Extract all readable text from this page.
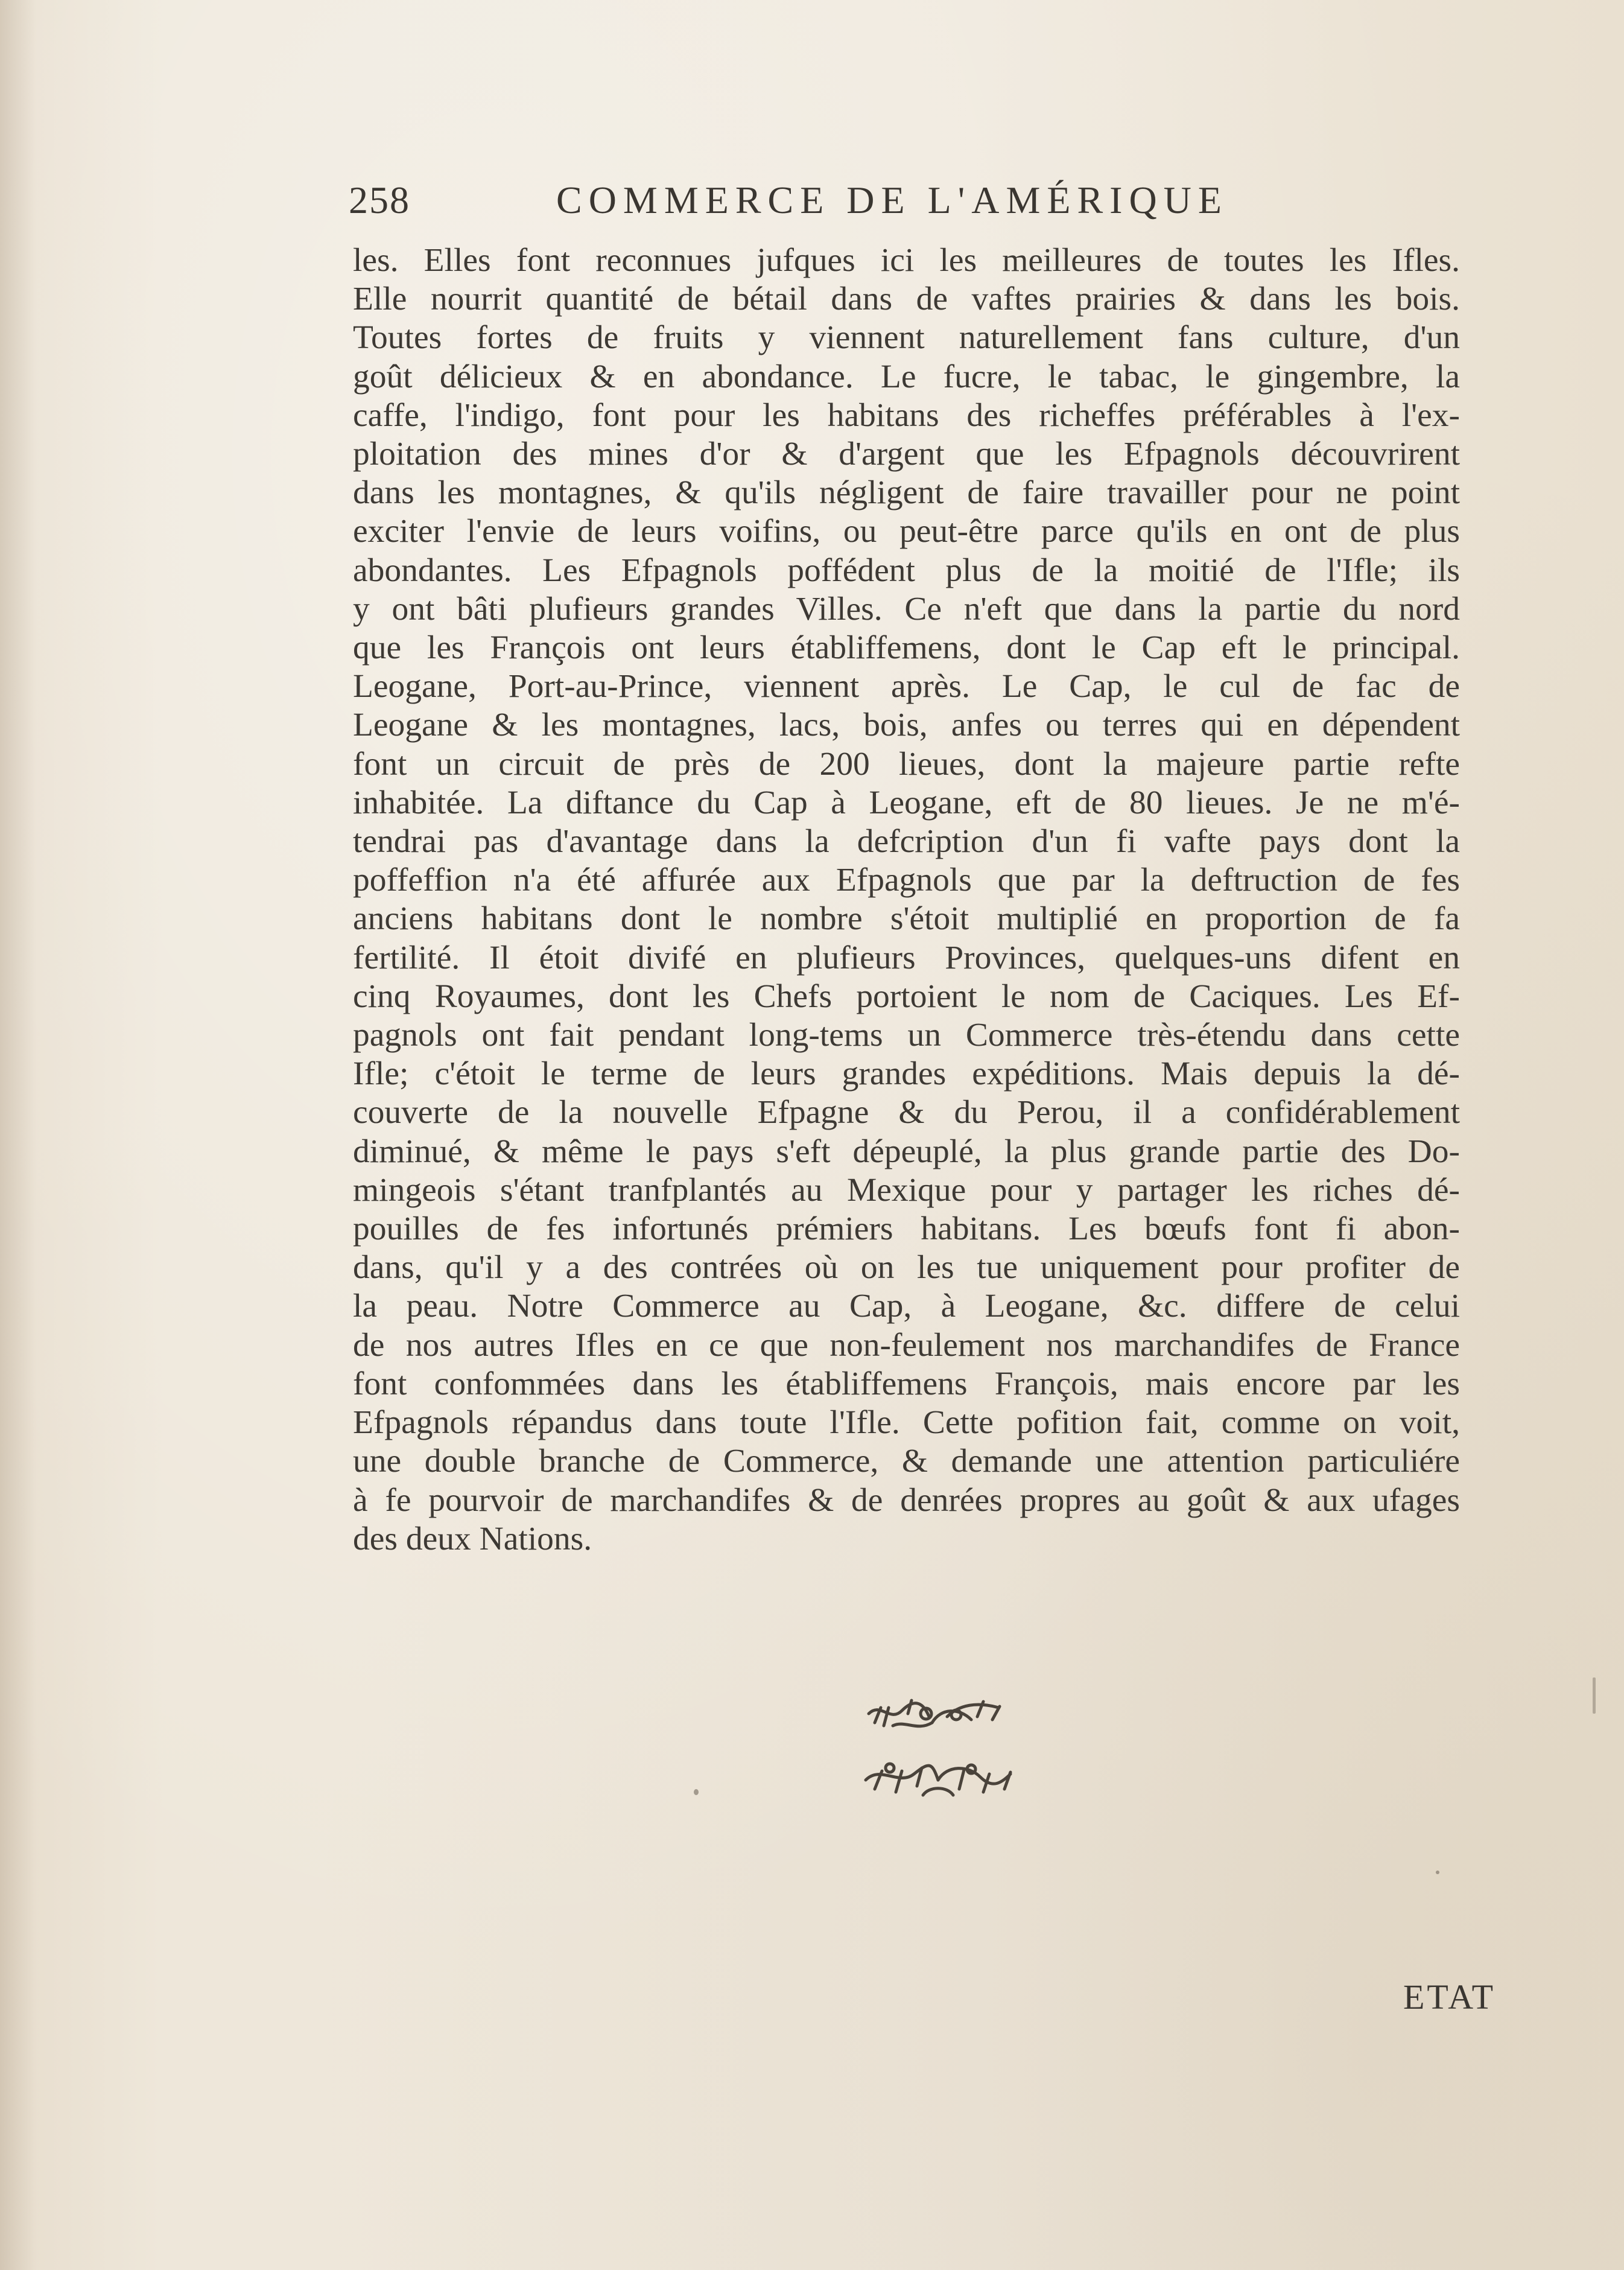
258	COMMERCE DE L'AMÉRIQUE
les. Elles font reconnues jufques ici les meilleures de toutes les Ifles.
Elle nourrit quantité de bétail dans de vaftes prairies & dans les bois.
Toutes fortes de fruits y viennent naturellement fans culture, d'un
goût délicieux & en abondance. Le fucre, le tabac, le gingembre, la
caffe, l'indigo, font pour les habitans des richeffes préférables à l'ex-
ploitation des mines d'or & d'argent que les Efpagnols découvrirent
dans les montagnes, & qu'ils négligent de faire travailler pour ne point
exciter l'envie de leurs voifins, ou peut-être parce qu'ils en ont de plus
abondantes. Les Efpagnols poffédent plus de la moitié de l'Ifle; ils
y ont bâti plufieurs grandes Villes. Ce n'eft que dans la partie du nord
que les François ont leurs établiffemens, dont le Cap eft le principal.
Leogane, Port-au-Prince, viennent après. Le Cap, le cul de fac de
Leogane & les montagnes, lacs, bois, anfes ou terres qui en dépendent
font un circuit de près de 200 lieues, dont la majeure partie refte
inhabitée. La diftance du Cap à Leogane, eft de 80 lieues. Je ne m'é-
tendrai pas d'avantage dans la defcription d'un fi vafte pays dont la
poffeffion n'a été affurée aux Efpagnols que par la deftruction de fes
anciens habitans dont le nombre s'étoit multiplié en proportion de fa
fertilité. Il étoit divifé en plufieurs Provinces, quelques-uns difent en
cinq Royaumes, dont les Chefs portoient le nom de Caciques. Les Ef-
pagnols ont fait pendant long-tems un Commerce très-étendu dans cette
Ifle; c'étoit le terme de leurs grandes expéditions. Mais depuis la dé-
couverte de la nouvelle Efpagne & du Perou, il a confidérablement
diminué, & même le pays s'eft dépeuplé, la plus grande partie des Do-
mingeois s'étant tranfplantés au Mexique pour y partager les riches dé-
pouilles de fes infortunés prémiers habitans. Les bœufs font fi abon-
dans, qu'il y a des contrées où on les tue uniquement pour profiter de
la peau. Notre Commerce au Cap, à Leogane, &c. differe de celui
de nos autres Ifles en ce que non-feulement nos marchandifes de France
font confommées dans les établiffemens François, mais encore par les
Efpagnols répandus dans toute l'Ifle. Cette pofition fait, comme on voit,
une double branche de Commerce, & demande une attention particuliére
à fe pourvoir de marchandifes & de denrées propres au goût & aux ufages
des deux Nations.
ETAT
